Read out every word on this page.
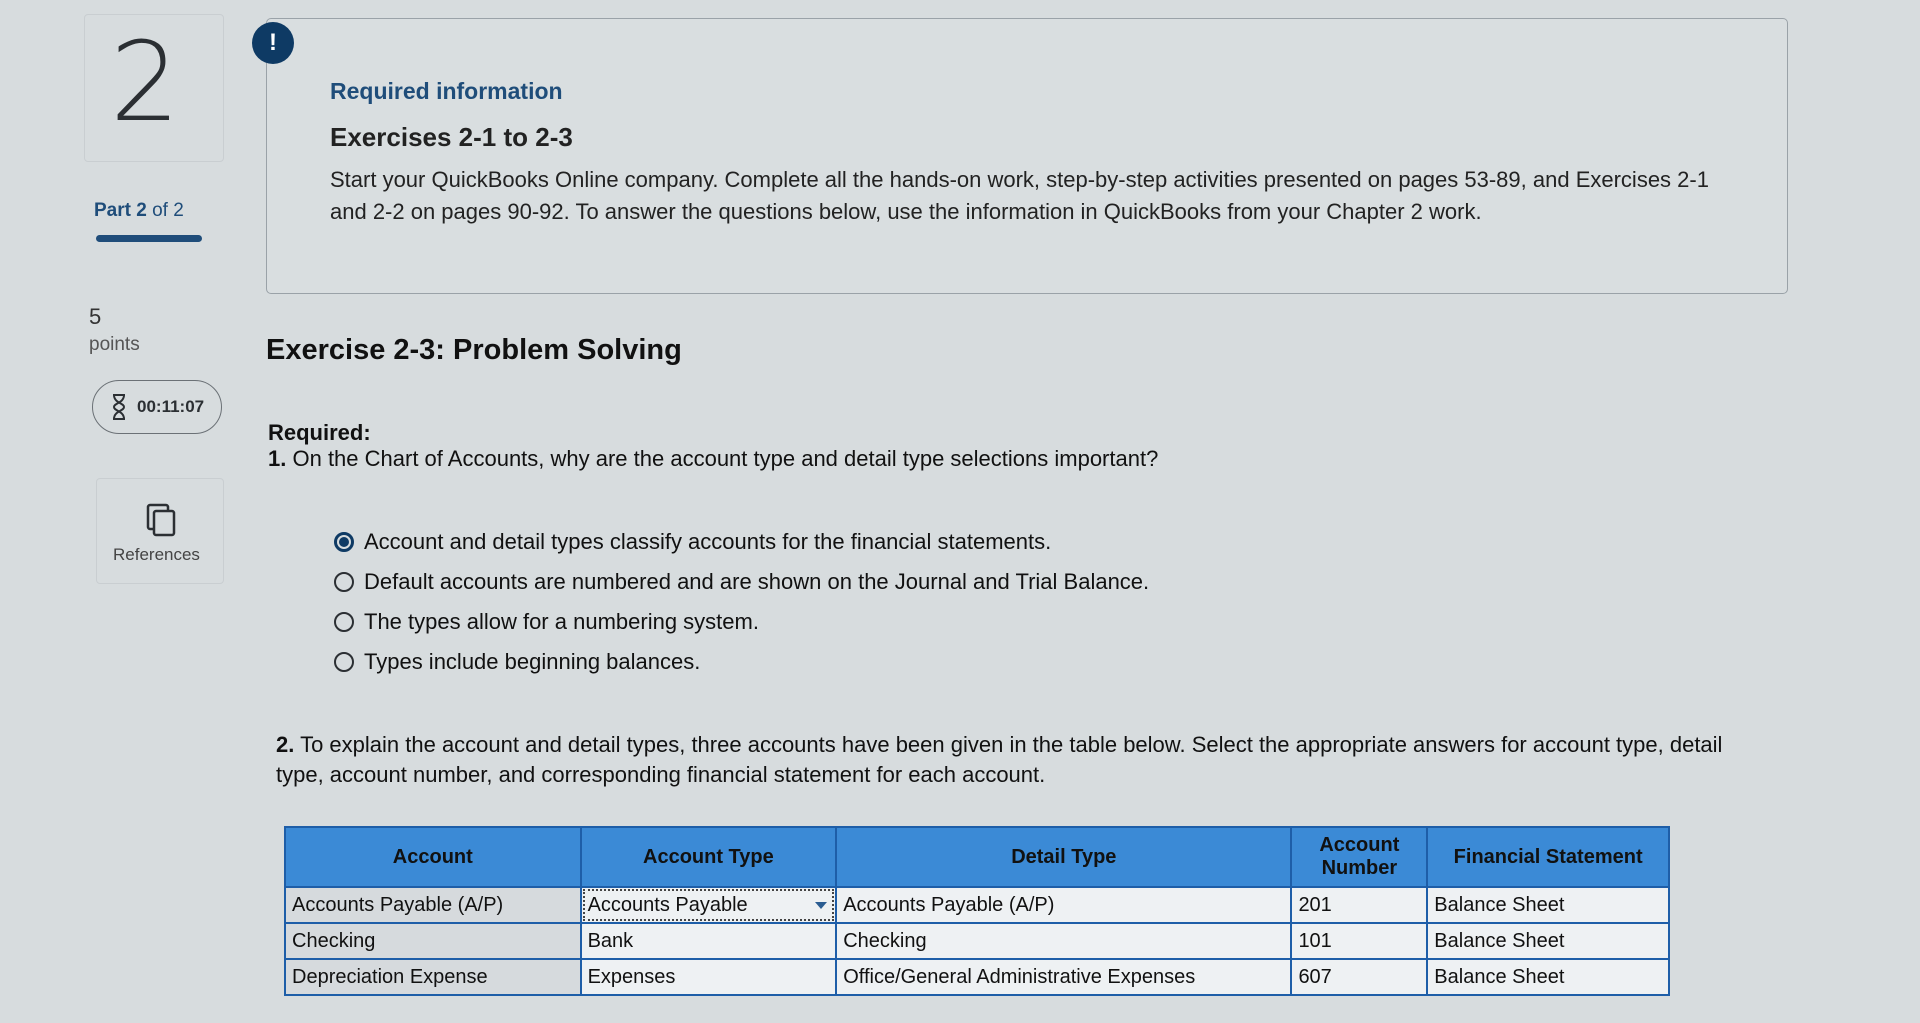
2
Part 2 of 2
5
points
00:11:07
References
!
Required information
Exercises 2-1 to 2-3
Start your QuickBooks Online company. Complete all the hands-on work, step-by-step activities presented on pages 53-89, and Exercises 2-1 and 2-2 on pages 90-92. To answer the questions below, use the information in QuickBooks from your Chapter 2 work.
Exercise 2-3: Problem Solving
Required:
1. On the Chart of Accounts, why are the account type and detail type selections important?
Account and detail types classify accounts for the financial statements.
Default accounts are numbered and are shown on the Journal and Trial Balance.
The types allow for a numbering system.
Types include beginning balances.
2. To explain the account and detail types, three accounts have been given in the table below. Select the appropriate answers for account type, detail type, account number, and corresponding financial statement for each account.
Account	Account Type	Detail Type	Account Number	Financial Statement
Accounts Payable (A/P)	Accounts Payable	Accounts Payable (A/P)	201	Balance Sheet
Checking	Bank	Checking	101	Balance Sheet
Depreciation Expense	Expenses	Office/General Administrative Expenses	607	Balance Sheet
